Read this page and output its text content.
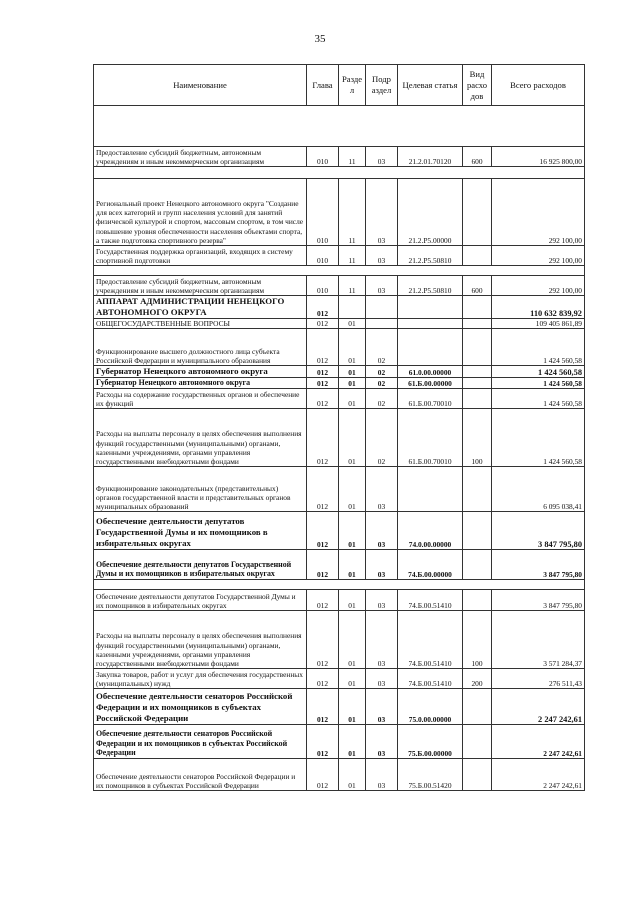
35
Наименование	Глава	Разде л	Подр аздел	Целевая статья	Вид расхо дов	Всего расходов

Предоставление субсидий бюджетным, автономным учреждениям и иным некоммерческим организациям	010	11	03	21.2.01.70120	600	16 925 800,00

Региональный проект Ненецкого автономного округа "Создание для всех категорий и групп населения условий для занятий физической культурой и спортом, массовым спортом, в том числе повышение уровня обеспеченности населения объектами спорта, а также подготовка спортивного резерва"	010	11	03	21.2.Р5.00000		292 100,00
Государственная поддержка организаций, входящих в систему спортивной подготовки	010	11	03	21.2.Р5.50810		292 100,00

Предоставление субсидий бюджетным, автономным учреждениям и иным некоммерческим организациям	010	11	03	21.2.Р5.50810	600	292 100,00
АППАРАТ АДМИНИСТРАЦИИ НЕНЕЦКОГО АВТОНОМНОГО ОКРУГА	012					110 632 839,92
ОБЩЕГОСУДАРСТВЕННЫЕ ВОПРОСЫ	012	01				109 405 861,89
Функционирование высшего должностного лица субъекта Российской Федерации и муниципального образования	012	01	02			1 424 560,58
Губернатор Ненецкого автономного округа	012	01	02	61.0.00.00000		1 424 560,58
Губернатор Ненецкого автономного округа	012	01	02	61.Б.00.00000		1 424 560,58
Расходы на содержание государственных органов и обеспечение их функций	012	01	02	61.Б.00.70010		1 424 560,58
Расходы на выплаты персоналу в целях обеспечения выполнения функций государственными (муниципальными) органами, казенными учреждениями, органами управления государственными внебюджетными фондами	012	01	02	61.Б.00.70010	100	1 424 560,58
Функционирование законодательных (представительных) органов государственной власти и представительных органов муниципальных образований	012	01	03			6 095 038,41
Обеспечение деятельности депутатов Государственной Думы и их помощников в избирательных округах	012	01	03	74.0.00.00000		3 847 795,80
Обеспечение деятельности депутатов Государственной Думы и их помощников в избирательных округах	012	01	03	74.Б.00.00000		3 847 795,80

Обеспечение деятельности депутатов Государственной Думы и их помощников в избирательных округах	012	01	03	74.Б.00.51410		3 847 795,80
Расходы на выплаты персоналу в целях обеспечения выполнения функций государственными (муниципальными) органами, казенными учреждениями, органами управления государственными внебюджетными фондами	012	01	03	74.Б.00.51410	100	3 571 284,37
Закупка товаров, работ и услуг для обеспечения государственных (муниципальных) нужд	012	01	03	74.Б.00.51410	200	276 511,43
Обеспечение деятельности сенаторов Российской Федерации и их помощников в субъектах Российской Федерации	012	01	03	75.0.00.00000		2 247 242,61
Обеспечение деятельности сенаторов Российской Федерации и их помощников в субъектах Российской Федерации	012	01	03	75.Б.00.00000		2 247 242,61
Обеспечение деятельности сенаторов Российской Федерации и их помощников в субъектах Российской Федерации	012	01	03	75.Б.00.51420		2 247 242,61
